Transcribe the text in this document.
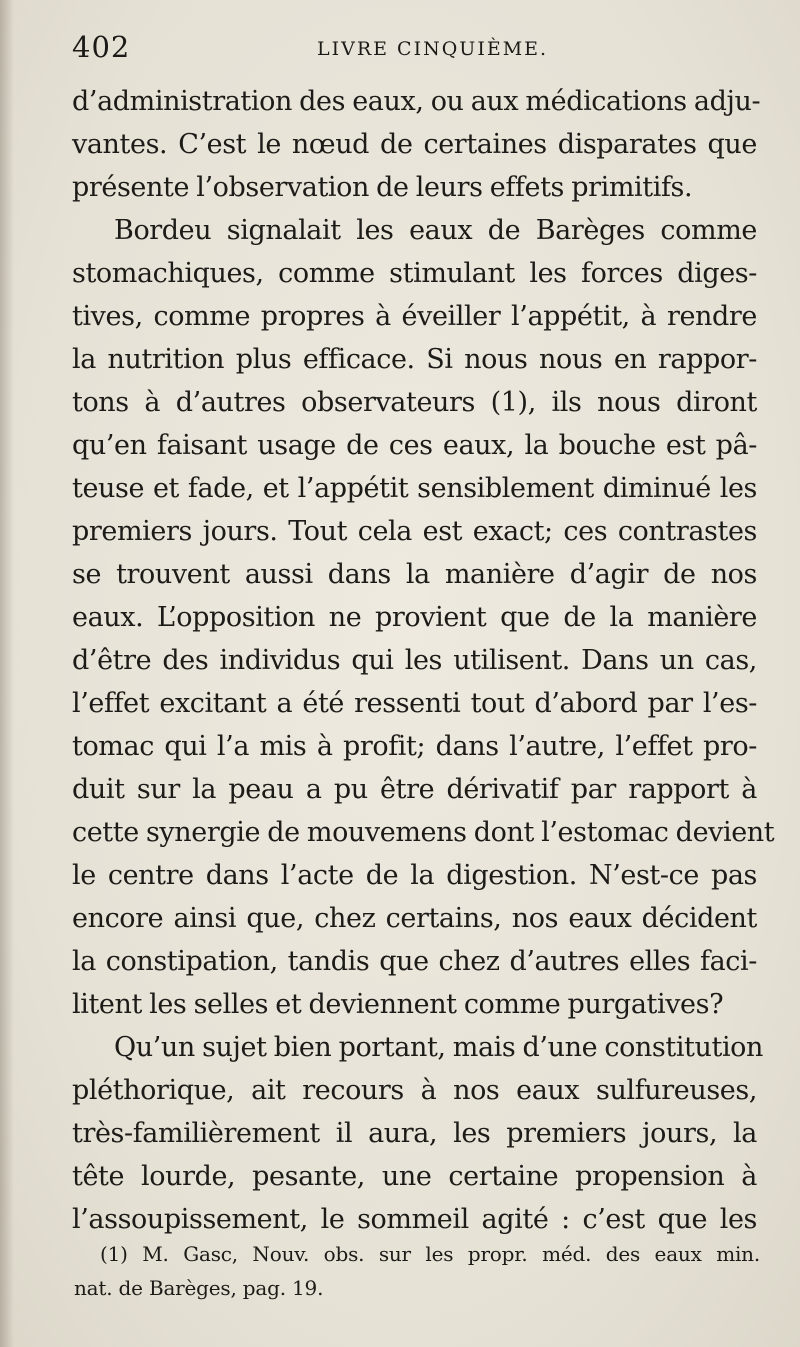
402	LIVRE CINQUIÈME.
d’administration des eaux, ou aux médications adju-
vantes. C’est le nœud de certaines disparates que
présente l’observation de leurs effets primitifs.
Bordeu signalait les eaux de Barèges comme
stomachiques, comme stimulant les forces diges-
tives, comme propres à éveiller l’appétit, à rendre
la nutrition plus efficace. Si nous nous en rappor-
tons à d’autres observateurs (1), ils nous diront
qu’en faisant usage de ces eaux, la bouche est pâ-
teuse et fade, et l’appétit sensiblement diminué les
premiers jours. Tout cela est exact; ces contrastes
se trouvent aussi dans la manière d’agir de nos
eaux. L’opposition ne provient que de la manière
d’être des individus qui les utilisent. Dans un cas,
l’effet excitant a été ressenti tout d’abord par l’es-
tomac qui l’a mis à profit; dans l’autre, l’effet pro-
duit sur la peau a pu être dérivatif par rapport à
cette synergie de mouvemens dont l’estomac devient
le centre dans l’acte de la digestion. N’est-ce pas
encore ainsi que, chez certains, nos eaux décident
la constipation, tandis que chez d’autres elles faci-
litent les selles et deviennent comme purgatives?
Qu’un sujet bien portant, mais d’une constitution
pléthorique, ait recours à nos eaux sulfureuses,
très-familièrement il aura, les premiers jours, la
tête lourde, pesante, une certaine propension à
l’assoupissement, le sommeil agité : c’est que les
(1) M. Gasc, Nouv. obs. sur les propr. méd. des eaux min.
nat. de Barèges, pag. 19.
